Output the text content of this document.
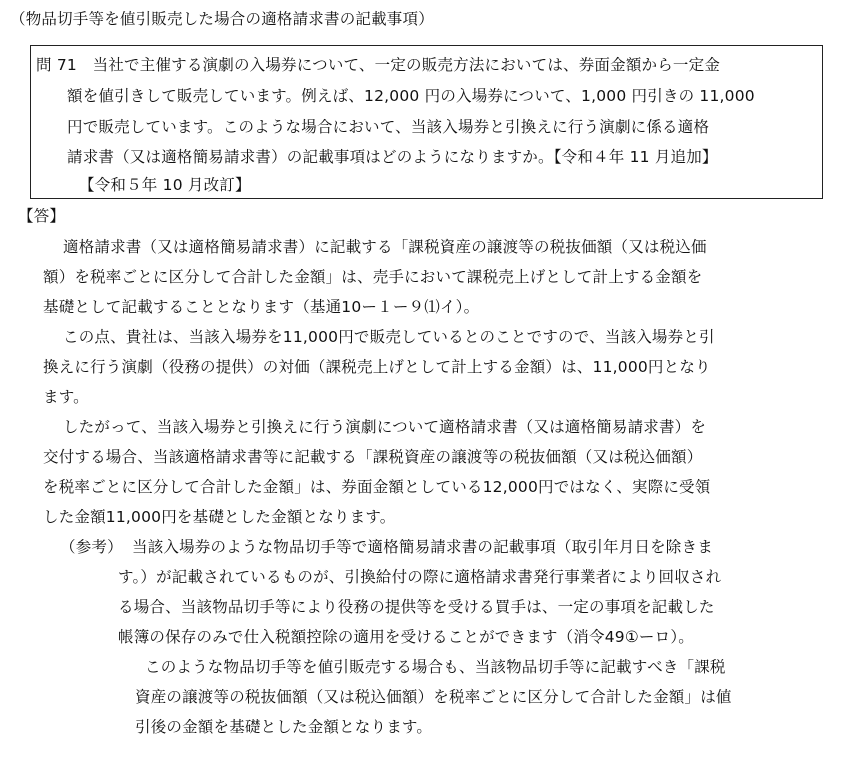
（物品切手等を値引販売した場合の適格請求書の記載事項）
問 71　当社で主催する演劇の入場券について、一定の販売方法においては、券面金額から一定金
額を値引きして販売しています。例えば、12,000 円の入場券について、1,000 円引きの 11,000
円で販売しています。このような場合において、当該入場券と引換えに行う演劇に係る適格
請求書（又は適格簡易請求書）の記載事項はどのようになりますか。【令和４年 11 月追加】
【令和５年 10 月改訂】
【答】
適格請求書（又は適格簡易請求書）に記載する「課税資産の譲渡等の税抜価額（又は税込価
額）を税率ごとに区分して合計した金額」は、売手において課税売上げとして計上する金額を
基礎として記載することとなります（基通10ー１ー９⑴イ）。
この点、貴社は、当該入場券を11,000円で販売しているとのことですので、当該入場券と引
換えに行う演劇（役務の提供）の対価（課税売上げとして計上する金額）は、11,000円となり
ます。
したがって、当該入場券と引換えに行う演劇について適格請求書（又は適格簡易請求書）を
交付する場合、当該適格請求書等に記載する「課税資産の譲渡等の税抜価額（又は税込価額）
を税率ごとに区分して合計した金額」は、券面金額としている12,000円ではなく、実際に受領
した金額11,000円を基礎とした金額となります。
（参考） 当該入場券のような物品切手等で適格簡易請求書の記載事項（取引年月日を除きま
す。）が記載されているものが、引換給付の際に適格請求書発行事業者により回収され
る場合、当該物品切手等により役務の提供等を受ける買手は、一定の事項を記載した
帳簿の保存のみで仕入税額控除の適用を受けることができます（消令49①ーロ）。
このような物品切手等を値引販売する場合も、当該物品切手等に記載すべき「課税
資産の譲渡等の税抜価額（又は税込価額）を税率ごとに区分して合計した金額」は値
引後の金額を基礎とした金額となります。
